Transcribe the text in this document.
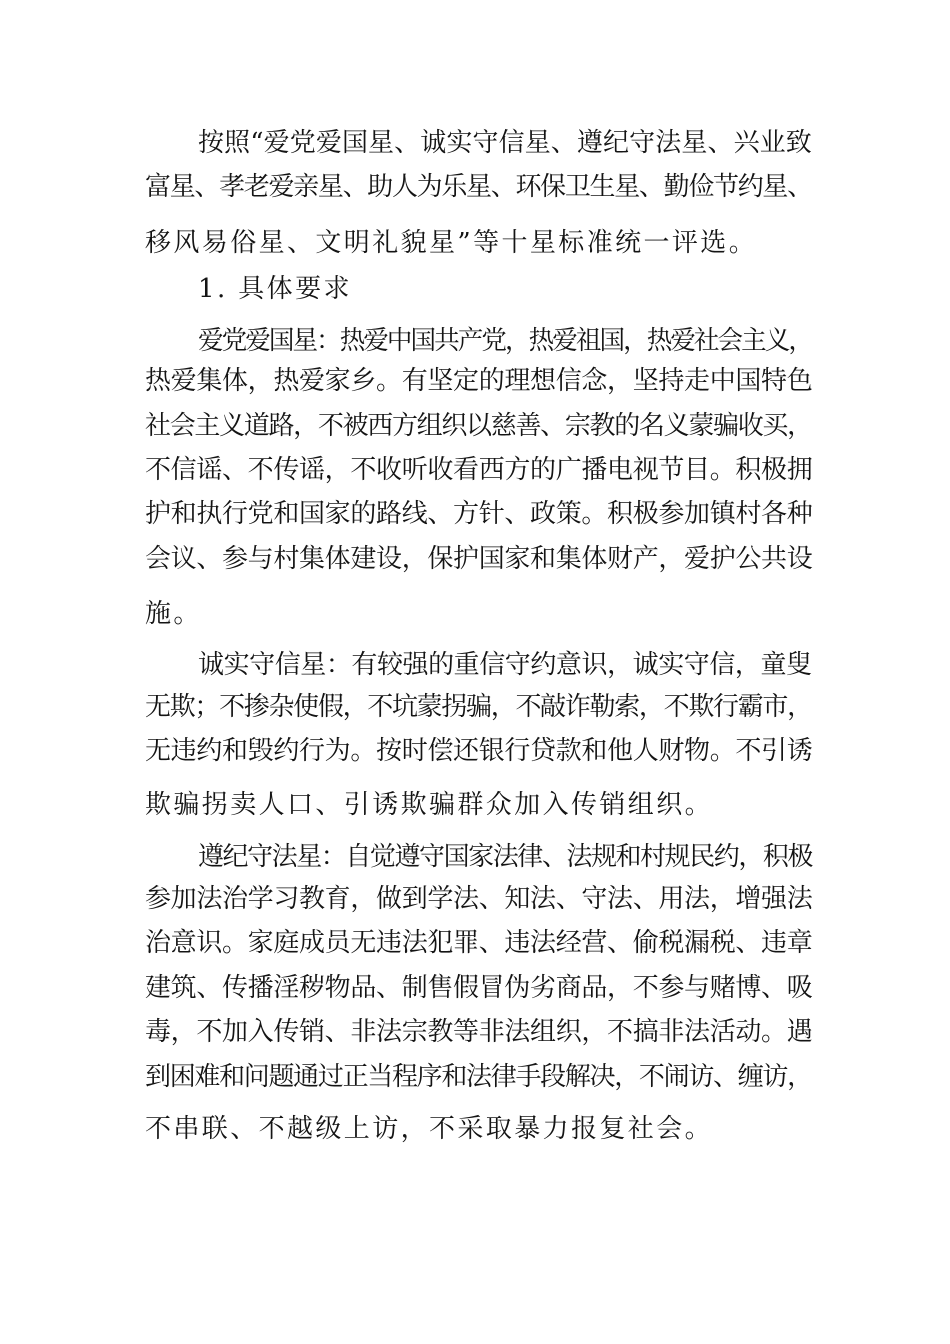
按照“爱党爱国星、诚实守信星、遵纪守法星、兴业致

富星、孝老爱亲星、助人为乐星、环保卫生星、勤俭节约星、

移风易俗星、文明礼貌星”等十星标准统一评选。

1. 具体要求

爱党爱国星：热爱中国共产党，热爱祖国，热爱社会主义，

热爱集体，热爱家乡。有坚定的理想信念，坚持走中国特色

社会主义道路，不被西方组织以慈善、宗教的名义蒙骗收买，

不信谣、不传谣，不收听收看西方的广播电视节目。积极拥

护和执行党和国家的路线、方针、政策。积极参加镇村各种

会议、参与村集体建设，保护国家和集体财产，爱护公共设

施。

诚实守信星：有较强的重信守约意识，诚实守信，童叟

无欺；不掺杂使假，不坑蒙拐骗，不敲诈勒索，不欺行霸市，

无违约和毁约行为。按时偿还银行贷款和他人财物。不引诱

欺骗拐卖人口、引诱欺骗群众加入传销组织。

遵纪守法星：自觉遵守国家法律、法规和村规民约，积极

参加法治学习教育，做到学法、知法、守法、用法，增强法

治意识。家庭成员无违法犯罪、违法经营、偷税漏税、违章

建筑、传播淫秽物品、制售假冒伪劣商品，不参与赌博、吸

毒，不加入传销、非法宗教等非法组织，不搞非法活动。遇

到困难和问题通过正当程序和法律手段解决，不闹访、缠访，

不串联、不越级上访，不采取暴力报复社会。
